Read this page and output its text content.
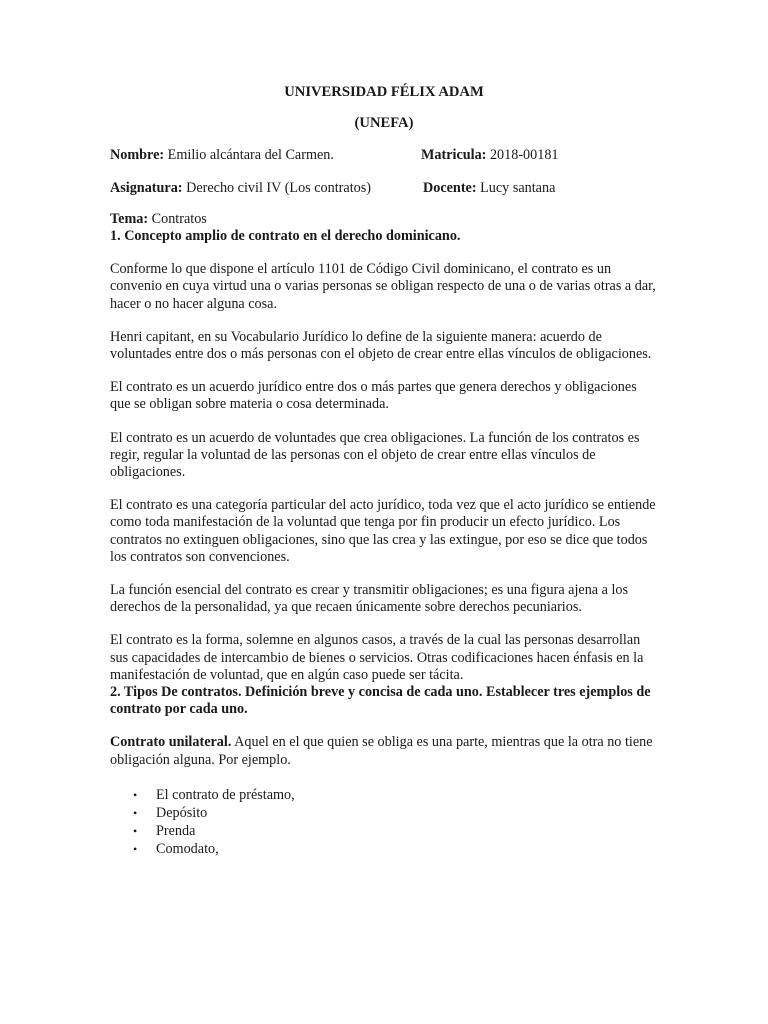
UNIVERSIDAD FÉLIX ADAM
(UNEFA)
Nombre: Emilio alcántara del Carmen.	Matricula: 2018-00181
Asignatura: Derecho civil IV (Los contratos)	Docente: Lucy santana
Tema: Contratos
1. Concepto amplio de contrato en el derecho dominicano.

Conforme lo que dispone el artículo 1101 de Código Civil dominicano, el contrato es un convenio en cuya virtud una o varias personas se obligan respecto de una o de varias otras a dar, hacer o no hacer alguna cosa.

Henri capitant, en su Vocabulario Jurídico lo define de la siguiente manera: acuerdo de voluntades entre dos o más personas con el objeto de crear entre ellas vínculos de obligaciones.

El contrato es un acuerdo jurídico entre dos o más partes que genera derechos y obligaciones que se obligan sobre materia o cosa determinada.

El contrato es un acuerdo de voluntades que crea obligaciones. La función de los contratos es regir, regular la voluntad de las personas con el objeto de crear entre ellas vínculos de obligaciones.

El contrato es una categoría particular del acto jurídico, toda vez que el acto jurídico se entiende como toda manifestación de la voluntad que tenga por fin producir un efecto jurídico. Los contratos no extinguen obligaciones, sino que las crea y las extingue, por eso se dice que todos los contratos son convenciones.

La función esencial del contrato es crear y transmitir obligaciones; es una figura ajena a los derechos de la personalidad, ya que recaen únicamente sobre derechos pecuniarios.

El contrato es la forma, solemne en algunos casos, a través de la cual las personas desarrollan sus capacidades de intercambio de bienes o servicios. Otras codificaciones hacen énfasis en la manifestación de voluntad, que en algún caso puede ser tácita.

2. Tipos De contratos. Definición breve y concisa de cada uno. Establecer tres ejemplos de contrato por cada uno.

Contrato unilateral. Aquel en el que quien se obliga es una parte, mientras que la otra no tiene obligación alguna. Por ejemplo.

• El contrato de préstamo,
• Depósito
• Prenda
• Comodato,
